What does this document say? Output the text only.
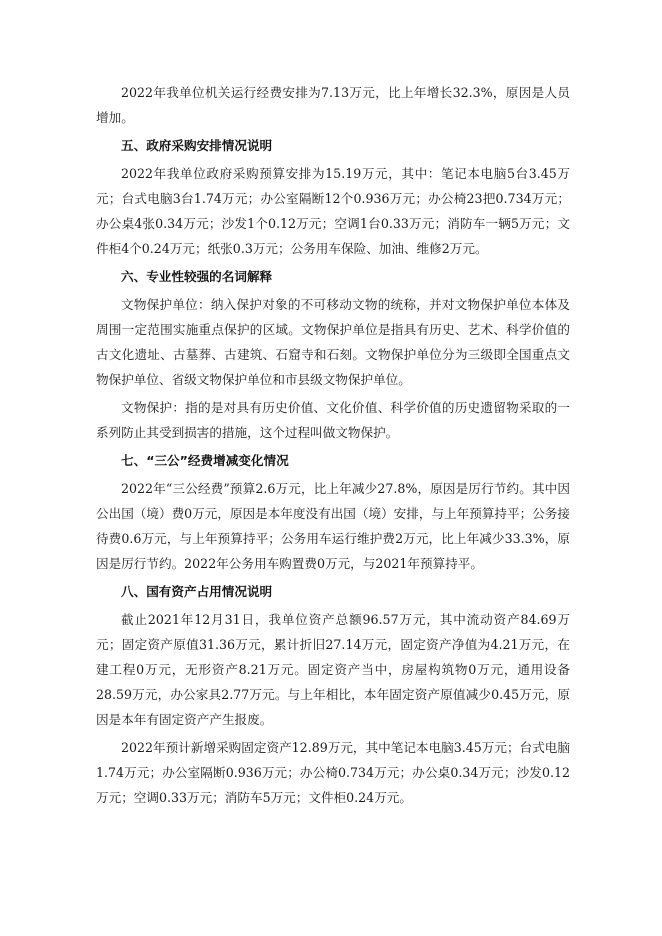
2022年我单位机关运行经费安排为7.13万元，比上年增长32.3%，原因是人员增加。

五、政府采购安排情况说明

2022年我单位政府采购预算安排为15.19万元，其中：笔记本电脑5台3.45万元；台式电脑3台1.74万元；办公室隔断12个0.936万元；办公椅23把0.734万元；办公桌4张0.34万元；沙发1个0.12万元；空调1台0.33万元；消防车一辆5万元；文件柜4个0.24万元；纸张0.3万元；公务用车保险、加油、维修2万元。

六、专业性较强的名词解释

文物保护单位：纳入保护对象的不可移动文物的统称，并对文物保护单位本体及周围一定范围实施重点保护的区域。文物保护单位是指具有历史、艺术、科学价值的古文化遗址、古墓葬、古建筑、石窟寺和石刻。文物保护单位分为三级即全国重点文物保护单位、省级文物保护单位和市县级文物保护单位。

文物保护：指的是对具有历史价值、文化价值、科学价值的历史遗留物采取的一系列防止其受到损害的措施，这个过程叫做文物保护。

七、“三公”经费增减变化情况

2022年“三公经费”预算2.6万元，比上年减少27.8%，原因是厉行节约。其中因公出国（境）费0万元，原因是本年度没有出国（境）安排，与上年预算持平；公务接待费0.6万元，与上年预算持平；公务用车运行维护费2万元，比上年减少33.3%，原因是厉行节约。2022年公务用车购置费0万元，与2021年预算持平。

八、国有资产占用情况说明

截止2021年12月31日，我单位资产总额96.57万元，其中流动资产84.69万元；固定资产原值31.36万元，累计折旧27.14万元，固定资产净值为4.21万元，在建工程0万元，无形资产8.21万元。固定资产当中，房屋构筑物0万元，通用设备28.59万元，办公家具2.77万元。与上年相比，本年固定资产原值减少0.45万元，原因是本年有固定资产产生报废。

2022年预计新增采购固定资产12.89万元，其中笔记本电脑3.45万元；台式电脑1.74万元；办公室隔断0.936万元；办公椅0.734万元；办公桌0.34万元；沙发0.12万元；空调0.33万元；消防车5万元；文件柜0.24万元。
